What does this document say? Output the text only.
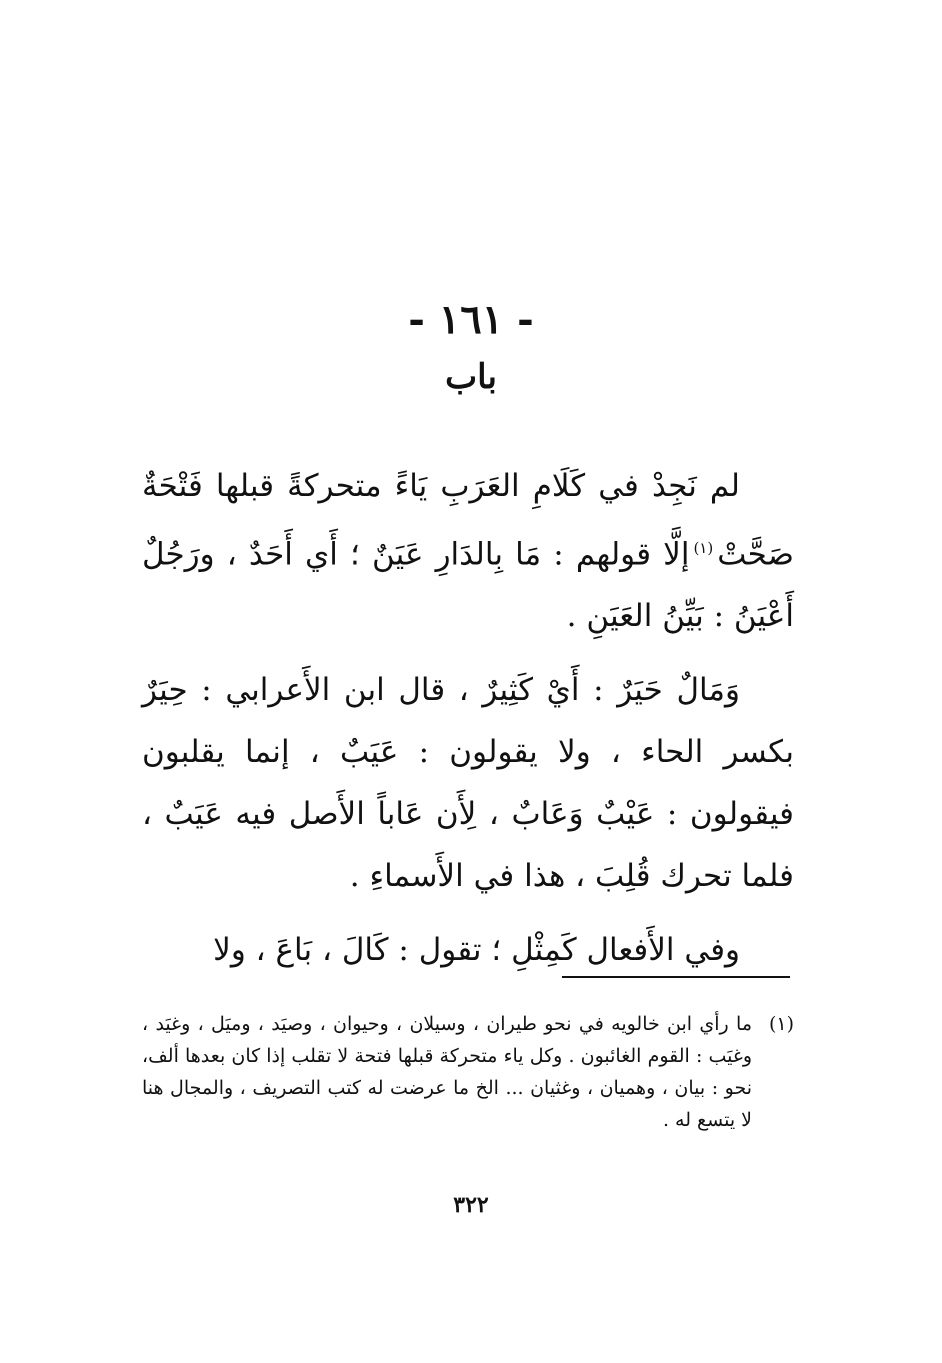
- ١٦١ -
باب

لم نَجِدْ في كَلَامِ العَرَبِ يَاءً متحركةً قبلها فَتْحَةٌ صَحَّتْ$^{(١)}$إلَّا قولهم : مَا بِالدَارِ عَيَنٌ ؛ أَي أَحَدٌ ، ورَجُلٌ أَعْيَنُ : بَيِّنُ العَيَنِ .

وَمَالٌ حَيَرٌ : أَيْ كَثِيرٌ ، قال ابن الأَعرابي : حِيَرٌ بكسر الحاء ، ولا يقولون : عَيَبٌ ، إنما يقلبون فيقولون : عَيْبٌ وَعَابٌ ، لِأَن عَاباً الأَصل فيه عَيَبٌ ، فلما تحرك قُلِبَ ، هذا في الأَسماءِ .

وفي الأَفعال كَمِثْلِ ؛ تقول : كَالَ ، بَاعَ ، ولا

(١)
ما رأي ابن خالويه في نحو طيران ، وسيلان ، وحيوان ، وصيَد ، وميَل ، وغيَد ، وغيَب : القوم الغائبون . وكل ياء متحركة قبلها فتحة لا تقلب إذا كان بعدها ألف، نحو : بيان ، وهميان ، وغثيان ... الخ ما عرضت له كتب التصريف ، والمجال هنا لا يتسع له .
٣٢٢
